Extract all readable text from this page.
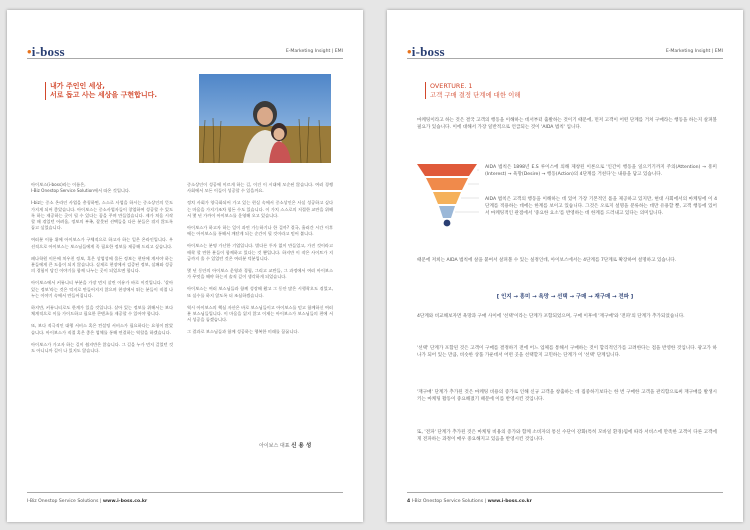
•i-boss	E-Marketing Insight | EMI
내가 주인인 세상,
서로 돕고 사는 세상을 구현합니다.

아이보스(i-boss)라는 이름은,
I-Biz Onestop Service Solution에서 따온 것입니다.

I-biz는 중소 온라인 사업을 총칭하면, 스스로 사업을 하시는 중소상인의 뜻도 가지게 되어 좋았습니다. 아이보스는 중소사업자들이 창업하여 성공할 수 있도록 하는 제공하는 곳이 될 수 있다는 꿈을 꾸며 만들었습니다. 제가 처음 시작할 때 겪었던 어려움, 정보의 부족, 잘못된 선택들을 다른 분들은 겪지 않도록 돕고 싶었습니다.

여러분 이름 위에 아이보스가 구체적으로 하고자 하는 일은 온라인입니다. 우선적으로 아이보스는 보스님들에게 꼭 필요한 정보를 제공해 드리고 싶습니다.

페나학원 이론에 치우친 정보, 혹은 상업성에 물든 정보는 현단에 계셔야 하는 분들에게 큰 도움이 되지 않습니다. 실제로 현장에서 검증된 정보, 실패와 성공의 경험이 담긴 이야기를 함께 나누는 곳이 되었으면 합니다.

아이보스에서 커뮤니티 부분을 가장 먼저 살린 이유가 바로 이것입니다. '살아 있는 정보'라는 것은 억지로 만들어지지 않으며 현장에서 뛰는 분들이 직접 나누는 이야기 속에서 만들어집니다.

하지만, 커뮤니티로도 한계가 있을 것입니다. 살아 있는 정보를 위해서는 보다 체계적으로 이를 가이드하고 필요한 콘텐츠를 제공할 수 있어야 합니다.

또, 보다 적극적인 대행 서비스 혹은 컨설팅 서비스가 필요하다는 요청이 많았습니다. 아이보스가 직접 혹은 좋은 업체를 통해 연결하는 역할을 하겠습니다.

아이보스가 가고자 하는 길이 쉽지만은 않습니다. 그 길을 누가 먼저 걸었던 것도 아니니까 길이 나 있지도 않습니다.

중소상인이 성공에 이르게 하는 길, 이건 이 시대에 모순된 않습니다. 여러 경쟁 사회에서 모든 이들이 성공할 수 있을까요.

정치 사회가 양극화되어 가고 있는 현실 속에서 중소상인은 사실 성공하고 싶다는 마음을 가지기조차 힘든 수도 있습니다. 이 가치 스스로의 저절한 교만을 위해서 몇 년 가까이 아이보스를 운영해 오고 있습니다.

아이보스가 하고자 하는 일이 과연 가능하기나 한 걸까? 결국, 흘러간 시간 이후에는 아이보스를 통해서 깨닫게 되는 순간이 될 것이라고 믿어 봅니다.

아이보스는 분명 가난한 기업입니다. 별다른 투자 없이 만들었고, 가진 것이라고 애착 할 만한 분들이 함께하고 있다는 것 뿐입니다. 하지만 이 작은 사이트가 지금까지 올 수 있었던 것은 여러분 덕분입니다.

몇 년 동안의 아이보스 운영과 경험, 그리고 교만들, 그 과정에서 여러 아이보스가 무엇을 해야 하는지 솔직 깊이 생각하게 되었습니다.

아이보스는 여러 보스님들과 함께 성장해 왔고 그 동안 많은 시행착오도 겪었고, 또 실수를 하지 않도록 더 조심하겠습니다.

역시 아이보스의 핵심 자산은 바로 보스님들이고 아이보스를 믿고 함께하신 여러분 보스님들입니다. 이 마음을 잃지 않고 이제는 아이보스가 보스님들의 편에 서서 성공을 돕겠습니다.

그 결과로 보스님들과 함께 성공하는 행복한 미래를 꿈꿉니다.

아이보스 대표 신 용 성
I-Biz Onestop Service Solutions | www.i-boss.co.kr
•i-boss	E-Marketing Insight | EMI
OVERTURE. 1
고객 구매 결정 단계에 대한 이해

마케팅이라고 하는 것은 결국 고객의 행동을 이해하는 데서부터 출발하는 것이기 때문에, 먼저 고객이 어떤 단계를 거쳐 구매라는 행동을 하는지 살펴볼 필요가 있습니다. 이에 대해서 가장 일반적으로 언급되는 것이 'AIDA 법칙' 입니다.

AIDA 법칙은 1898년 E.S 루이스에 의해 제창된 이론으로 '인간이 행동을 일으키기까지 주의(Attention) → 흥미(Interest) → 욕망(Desire) → 행동(Action)의 4단계를 거친다'는 내용을 담고 있습니다.

AIDA 법칙은 고객의 행동을 이해하는 데 있어 가장 기본적인 틀을 제공하고 있지만, 현대 사회에서의 마케팅에 이 4단계를 적용하는 데에는 한계를 보이고 있습니다. 그것은 오로지 설명을 분류하는 데만 유용할 뿐, 고객 행동에 있어서 마케팅적인 관점에서 '중요한 요소'를 반영하는 데 한계를 드러내고 있다는 의미입니다.

때문에 저희는 AIDA 법칙에 살을 붙여서 살펴볼 수 있는 실정인데, 아이보스에서는 4단계를 7단계로 확장하여 설명하고 있습니다.

[ 인지 → 흥미 → 욕망 → 선택 → 구매 → 재구매 → 전파 ]

4단계와 비교해보자면 욕망과 구매 사이에 '선택'이라는 단계가 포함되었으며, 구매 이후에 '재구매'와 '전파'의 단계가 추가되었습니다.

'선택' 단계가 포함된 것은 고객이 구매를 결정하기 전에 어느 업체를 통해서 구매하는 것이 합리적인가를 고려한다는 점을 반영한 것입니다. 광고가 하나가 되어 있는 만큼, 비슷한 상품 가운데서 어떤 곳을 선택할지 고민하는 단계가 이 '선택' 단계입니다.

'재구매' 단계가 추가된 것은 마케팅 비용의 증가로 인해 신규 고객을 창출하는 데 집중하기보다는 한 번 구매한 고객을 관리함으로써 재구매를 발생시키는 마케팅 활동이 중요해졌기 때문에 이를 반영시킨 것입니다.

또, '전파' 단계가 추가된 것은 마케팅 비용의 증가와 함께 소비자의 통신 수단이 강화(특히 모바일 환경)됨에 따라 서비스에 만족한 고객이 다른 고객에게 전파하는 과정이 매우 중요해지고 있음을 반영시킨 것입니다.

4 I-Biz Onestop Service Solutions | www.i-boss.co.kr
